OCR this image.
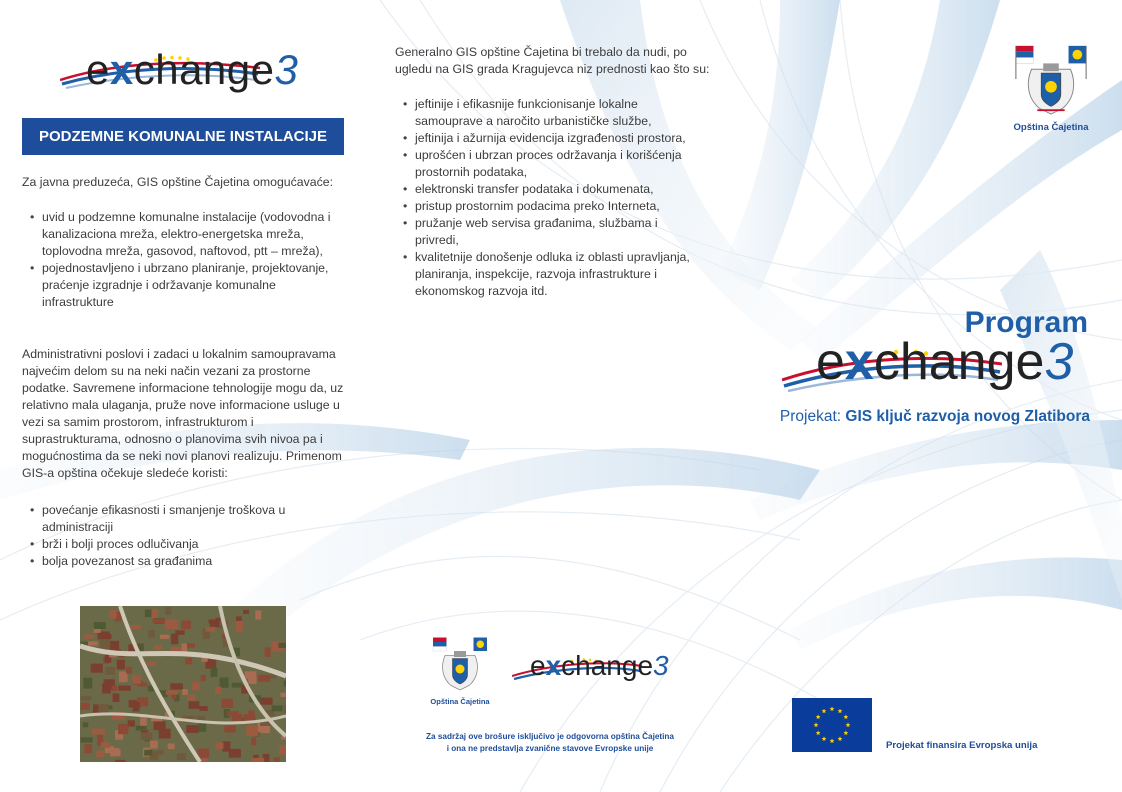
e x change 3
PODZEMNE KOMUNALNE INSTALACIJE
Za javna preduzeća, GIS opštine Čajetina omogućavaće:
• uvid u podzemne komunalne instalacije (vodovodna i kanalizaciona mreža, elektro-energetska mreža, toplovodna mreža, gasovod, naftovod, ptt – mreža),
• pojednostavljeno i ubrzano planiranje, projektovanje, praćenje izgradnje i održavanje komunalne infrastrukture
Administrativni poslovi i zadaci u lokalnim samoupravama najvećim delom su na neki način vezani za prostorne podatke. Savremene informacione tehnologije mogu da, uz relativno mala ulaganja, pruže nove informacione usluge u vezi sa samim prostorom, infrastrukturom i suprastrukturama, odnosno o planovima svih nivoa pa i mogućnostima da se neki novi planovi realizuju. Primenom GIS-a opština očekuje sledeće koristi:
• povećanje efikasnosti i smanjenje troškova u administraciji
• brži i bolji proces odlučivanja
• bolja povezanost sa građanima
Generalno GIS opštine Čajetina bi trebalo da nudi, po ugledu na GIS grada Kragujevca niz prednosti kao što su:
• jeftinije i efikasnije funkcionisanje lokalne samouprave a naročito urbanističke službe,
• jeftinija i ažurnija evidencija izgrađenosti prostora,
• uprošćen i ubrzan proces održavanja i korišćenja prostornih podataka,
• elektronski transfer podataka i dokumenata,
• pristup prostornim podacima preko Interneta,
• pružanje web servisa građanima, službama i privredi,
• kvalitetnije donošenje odluka iz oblasti upravljanja, planiranja, inspekcije, razvoja infrastrukture i ekonomskog razvoja itd.
Opština Čajetina
Program
e x change 3
Projekat: GIS ključ razvoja novog Zlatibora
Opština Čajetina
e x change 3
Za sadržaj ove brošure isključivo je odgovorna opština Čajetina
i ona ne predstavlja zvanične stavove Evropske unije	Projekat finansira Evropska unija
